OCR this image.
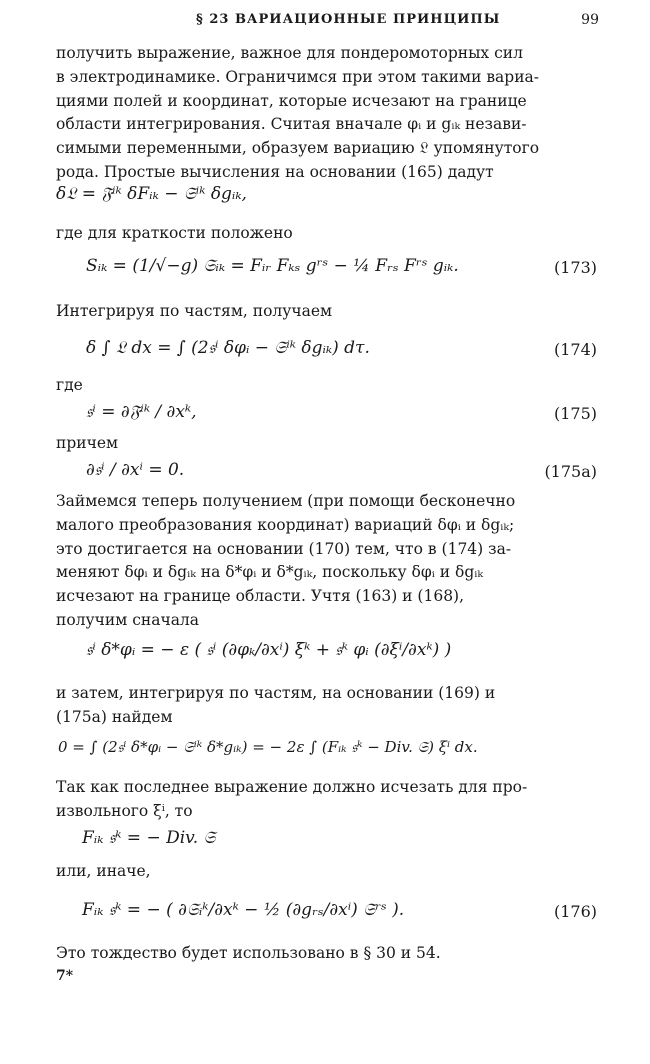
§ 23 ВАРИАЦИОННЫЕ ПРИНЦИПЫ	99
получить выражение, важное для пондеромоторных сил
в электродинамике. Ограничимся при этом такими вариа-
циями полей и координат, которые исчезают на границе
области интегрирования. Считая вначале φᵢ и gᵢₖ незави-
симыми переменными, образуем вариацию 𝔏 упомянутого
рода. Простые вычисления на основании (165) дадут
δ𝔏 = 𝔉ⁱᵏ δFᵢₖ − 𝔖ⁱᵏ δgᵢₖ,
где для краткости положено
Sᵢₖ = (1/√−g) 𝔖ᵢₖ = Fᵢᵣ Fₖₛ gʳˢ − ¼ Fᵣₛ Fʳˢ gᵢₖ.	(173)
Интегрируя по частям, получаем
δ ∫ 𝔏 dx = ∫ (2𝔰ⁱ δφᵢ − 𝔖ⁱᵏ δgᵢₖ) dτ.	(174)
где
𝔰ⁱ = ∂𝔉ⁱᵏ / ∂xᵏ,	(175)
причем
∂𝔰ⁱ / ∂xⁱ = 0.	(175a)
Займемся теперь получением (при помощи бесконечно
малого преобразования координат) вариаций δφᵢ и δgᵢₖ;
это достигается на основании (170) тем, что в (174) за-
меняют δφᵢ и δgᵢₖ на δ*φᵢ и δ*gᵢₖ, поскольку δφᵢ и δgᵢₖ
исчезают на границе области. Учтя (163) и (168),
получим сначала
𝔰ⁱ δ*φᵢ = − ε ( 𝔰ⁱ (∂φₖ/∂xⁱ) ξᵏ + 𝔰ᵏ φᵢ (∂ξⁱ/∂xᵏ) )
и затем, интегрируя по частям, на основании (169) и
(175a) найдем
0 = ∫ (2𝔰ⁱ δ*φᵢ − 𝔖ⁱᵏ δ*gᵢₖ) = − 2ε ∫ (Fᵢₖ 𝔰ᵏ − Div. 𝔖) ξⁱ dx.
Так как последнее выражение должно исчезать для про-
извольного ξⁱ, то
Fᵢₖ 𝔰ᵏ = − Div. 𝔖
или, иначе,
Fᵢₖ 𝔰ᵏ = − ( ∂𝔖ᵢᵏ/∂xᵏ − ½ (∂gᵣₛ/∂xⁱ) 𝔖ʳˢ ).	(176)
Это тождество будет использовано в § 30 и 54.
7*
